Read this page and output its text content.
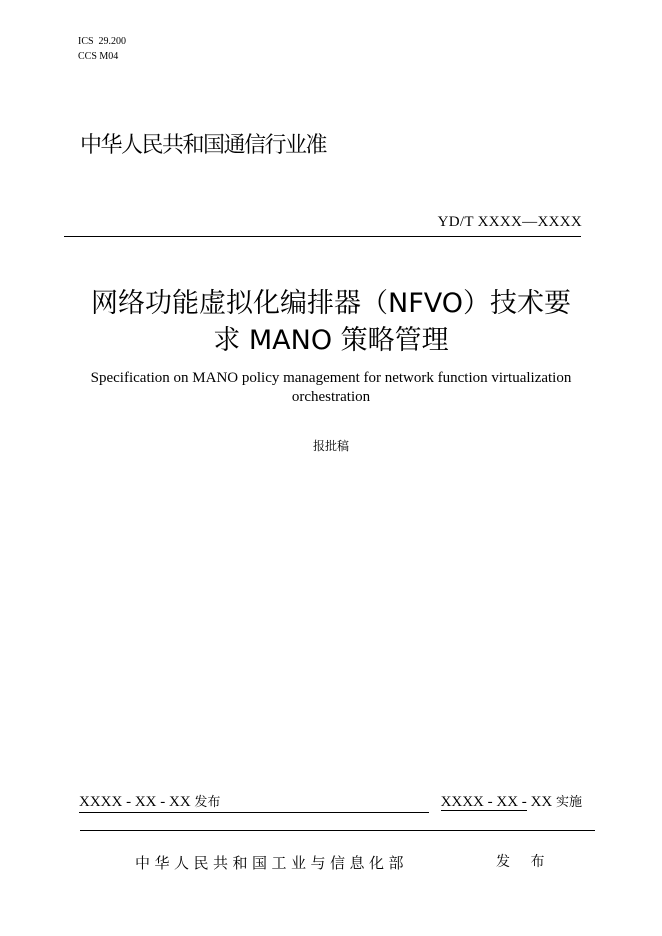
ICS  29.200
CCS M04
中华人民共和国通信行业准
YD/T XXXX—XXXX
网络功能虚拟化编排器（NFVO）技术要
求 MANO 策略管理
Specification on MANO policy management for network function virtualization
orchestration
报批稿
XXXX - XX - XX 发布	XXXX - XX - XX 实施
中华人民共和国工业与信息化部	发 布
